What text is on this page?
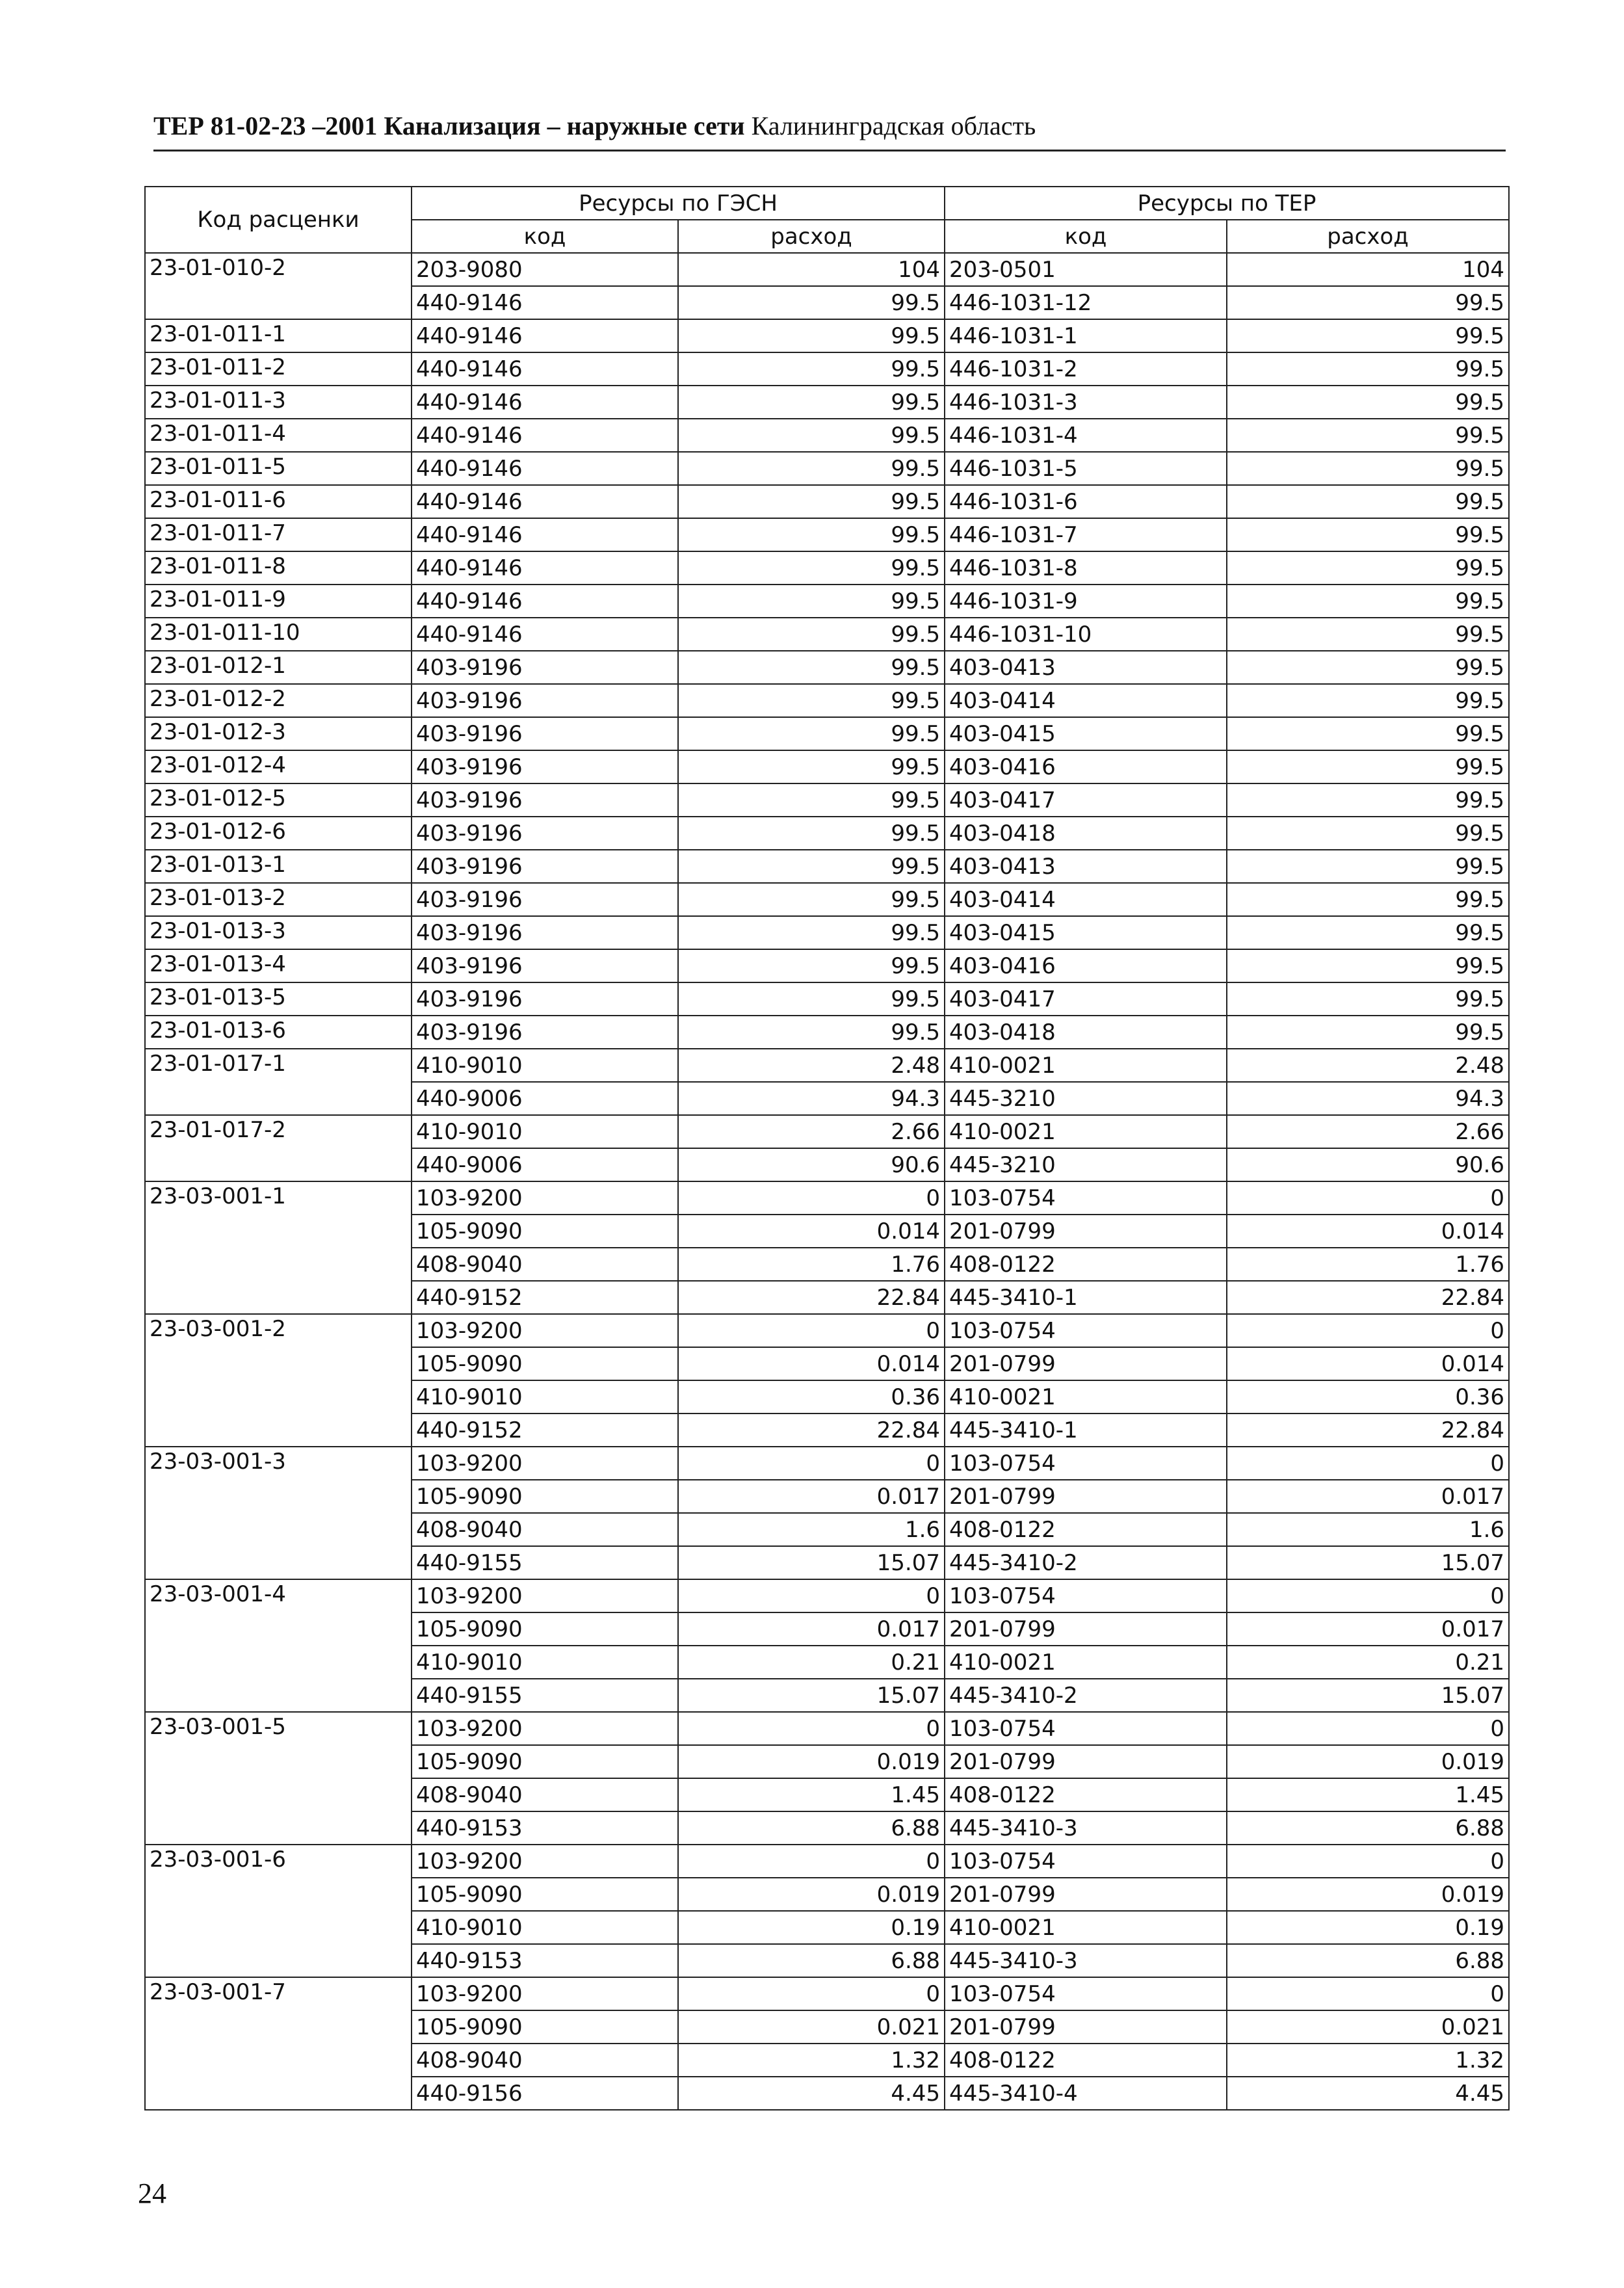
ТЕР 81-02-23 –2001 Канализация – наружные сети Калининградская область
Код расценки	Ресурсы по ГЭСН		Ресурсы по ТЕР	
	код	расход	код	расход
23-01-010-2	203-9080	104	203-0501	104
	440-9146	99.5	446-1031-12	99.5
23-01-011-1	440-9146	99.5	446-1031-1	99.5
23-01-011-2	440-9146	99.5	446-1031-2	99.5
23-01-011-3	440-9146	99.5	446-1031-3	99.5
23-01-011-4	440-9146	99.5	446-1031-4	99.5
23-01-011-5	440-9146	99.5	446-1031-5	99.5
23-01-011-6	440-9146	99.5	446-1031-6	99.5
23-01-011-7	440-9146	99.5	446-1031-7	99.5
23-01-011-8	440-9146	99.5	446-1031-8	99.5
23-01-011-9	440-9146	99.5	446-1031-9	99.5
23-01-011-10	440-9146	99.5	446-1031-10	99.5
23-01-012-1	403-9196	99.5	403-0413	99.5
23-01-012-2	403-9196	99.5	403-0414	99.5
23-01-012-3	403-9196	99.5	403-0415	99.5
23-01-012-4	403-9196	99.5	403-0416	99.5
23-01-012-5	403-9196	99.5	403-0417	99.5
23-01-012-6	403-9196	99.5	403-0418	99.5
23-01-013-1	403-9196	99.5	403-0413	99.5
23-01-013-2	403-9196	99.5	403-0414	99.5
23-01-013-3	403-9196	99.5	403-0415	99.5
23-01-013-4	403-9196	99.5	403-0416	99.5
23-01-013-5	403-9196	99.5	403-0417	99.5
23-01-013-6	403-9196	99.5	403-0418	99.5
23-01-017-1	410-9010	2.48	410-0021	2.48
	440-9006	94.3	445-3210	94.3
23-01-017-2	410-9010	2.66	410-0021	2.66
	440-9006	90.6	445-3210	90.6
23-03-001-1	103-9200	0	103-0754	0
	105-9090	0.014	201-0799	0.014
	408-9040	1.76	408-0122	1.76
	440-9152	22.84	445-3410-1	22.84
23-03-001-2	103-9200	0	103-0754	0
	105-9090	0.014	201-0799	0.014
	410-9010	0.36	410-0021	0.36
	440-9152	22.84	445-3410-1	22.84
23-03-001-3	103-9200	0	103-0754	0
	105-9090	0.017	201-0799	0.017
	408-9040	1.6	408-0122	1.6
	440-9155	15.07	445-3410-2	15.07
23-03-001-4	103-9200	0	103-0754	0
	105-9090	0.017	201-0799	0.017
	410-9010	0.21	410-0021	0.21
	440-9155	15.07	445-3410-2	15.07
23-03-001-5	103-9200	0	103-0754	0
	105-9090	0.019	201-0799	0.019
	408-9040	1.45	408-0122	1.45
	440-9153	6.88	445-3410-3	6.88
23-03-001-6	103-9200	0	103-0754	0
	105-9090	0.019	201-0799	0.019
	410-9010	0.19	410-0021	0.19
	440-9153	6.88	445-3410-3	6.88
23-03-001-7	103-9200	0	103-0754	0
	105-9090	0.021	201-0799	0.021
	408-9040	1.32	408-0122	1.32
	440-9156	4.45	445-3410-4	4.45
24
